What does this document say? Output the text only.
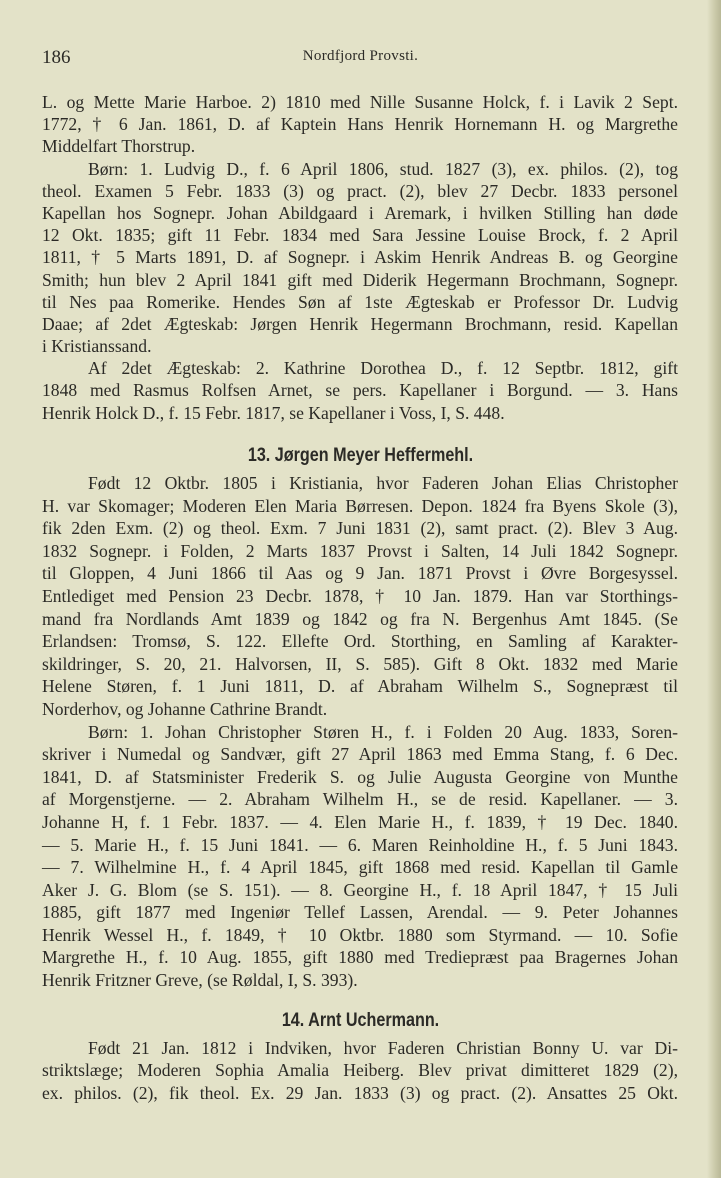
186	Nordfjord Provsti.
L. og Mette Marie Harboe. 2) 1810 med Nille Susanne Holck, f. i Lavik 2 Sept.
1772, † 6 Jan. 1861, D. af Kaptein Hans Henrik Hornemann H. og Margrethe
Middelfart Thorstrup.
Børn: 1. Ludvig D., f. 6 April 1806, stud. 1827 (3), ex. philos. (2), tog
theol. Examen 5 Febr. 1833 (3) og pract. (2), blev 27 Decbr. 1833 personel
Kapellan hos Sognepr. Johan Abildgaard i Aremark, i hvilken Stilling han døde
12 Okt. 1835; gift 11 Febr. 1834 med Sara Jessine Louise Brock, f. 2 April
1811, † 5 Marts 1891, D. af Sognepr. i Askim Henrik Andreas B. og Georgine
Smith; hun blev 2 April 1841 gift med Diderik Hegermann Brochmann, Sognepr.
til Nes paa Romerike. Hendes Søn af 1ste Ægteskab er Professor Dr. Ludvig
Daae; af 2det Ægteskab: Jørgen Henrik Hegermann Brochmann, resid. Kapellan
i Kristianssand.
Af 2det Ægteskab: 2. Kathrine Dorothea D., f. 12 Septbr. 1812, gift
1848 med Rasmus Rolfsen Arnet, se pers. Kapellaner i Borgund. — 3. Hans
Henrik Holck D., f. 15 Febr. 1817, se Kapellaner i Voss, I, S. 448.
13. Jørgen Meyer Heffermehl.
Født 12 Oktbr. 1805 i Kristiania, hvor Faderen Johan Elias Christopher
H. var Skomager; Moderen Elen Maria Børresen. Depon. 1824 fra Byens Skole (3),
fik 2den Exm. (2) og theol. Exm. 7 Juni 1831 (2), samt pract. (2). Blev 3 Aug.
1832 Sognepr. i Folden, 2 Marts 1837 Provst i Salten, 14 Juli 1842 Sognepr.
til Gloppen, 4 Juni 1866 til Aas og 9 Jan. 1871 Provst i Øvre Borgesyssel.
Entlediget med Pension 23 Decbr. 1878, † 10 Jan. 1879. Han var Storthings-
mand fra Nordlands Amt 1839 og 1842 og fra N. Bergenhus Amt 1845. (Se
Erlandsen: Tromsø, S. 122. Ellefte Ord. Storthing, en Samling af Karakter-
skildringer, S. 20, 21. Halvorsen, II, S. 585). Gift 8 Okt. 1832 med Marie
Helene Støren, f. 1 Juni 1811, D. af Abraham Wilhelm S., Sognepræst til
Norderhov, og Johanne Cathrine Brandt.
Børn: 1. Johan Christopher Støren H., f. i Folden 20 Aug. 1833, Soren-
skriver i Numedal og Sandvær, gift 27 April 1863 med Emma Stang, f. 6 Dec.
1841, D. af Statsminister Frederik S. og Julie Augusta Georgine von Munthe
af Morgenstjerne. — 2. Abraham Wilhelm H., se de resid. Kapellaner. — 3.
Johanne H, f. 1 Febr. 1837. — 4. Elen Marie H., f. 1839, † 19 Dec. 1840.
— 5. Marie H., f. 15 Juni 1841. — 6. Maren Reinholdine H., f. 5 Juni 1843.
— 7. Wilhelmine H., f. 4 April 1845, gift 1868 med resid. Kapellan til Gamle
Aker J. G. Blom (se S. 151). — 8. Georgine H., f. 18 April 1847, † 15 Juli
1885, gift 1877 med Ingeniør Tellef Lassen, Arendal. — 9. Peter Johannes
Henrik Wessel H., f. 1849, † 10 Oktbr. 1880 som Styrmand. — 10. Sofie
Margrethe H., f. 10 Aug. 1855, gift 1880 med Trediepræst paa Bragernes Johan
Henrik Fritzner Greve, (se Røldal, I, S. 393).
14. Arnt Uchermann.
Født 21 Jan. 1812 i Indviken, hvor Faderen Christian Bonny U. var Di-
striktslæge; Moderen Sophia Amalia Heiberg. Blev privat dimitteret 1829 (2),
ex. philos. (2), fik theol. Ex. 29 Jan. 1833 (3) og pract. (2). Ansattes 25 Okt.
